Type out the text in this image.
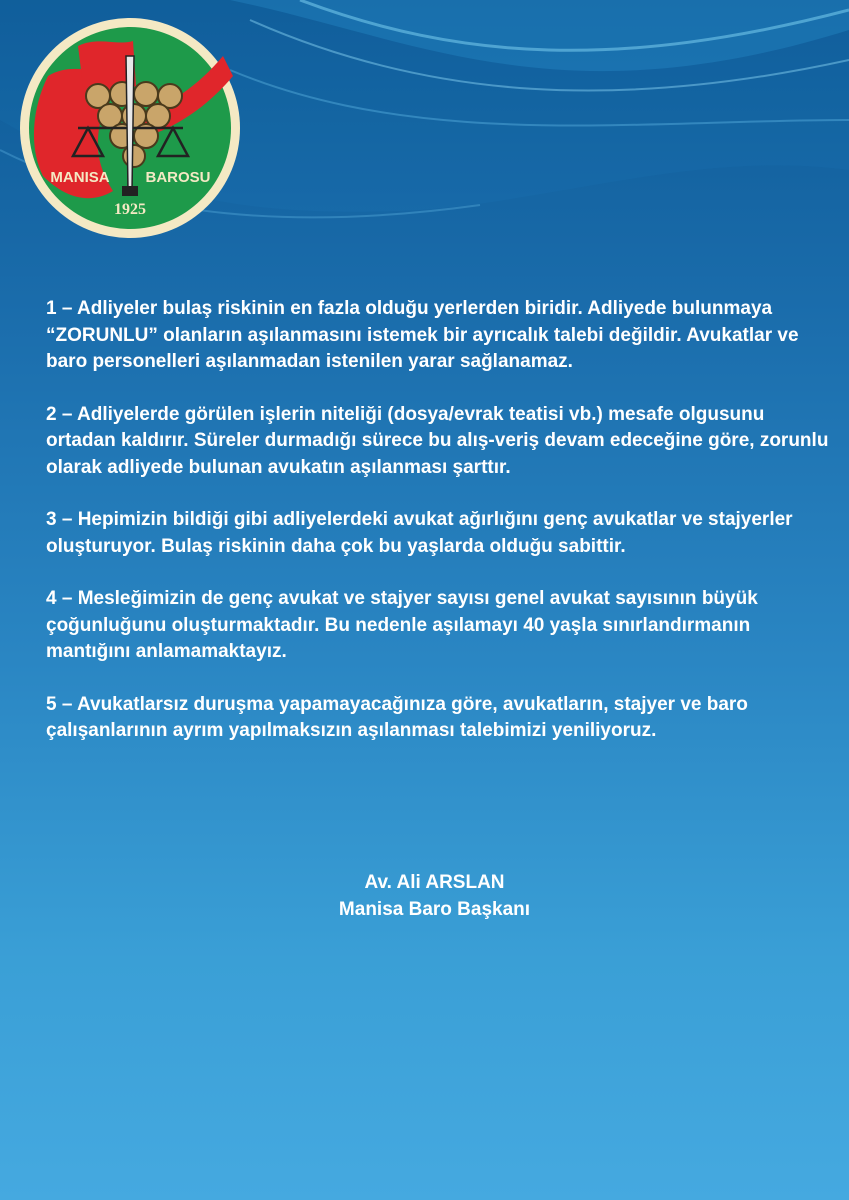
MANISA BAROSU
1925

1 – Adliyeler bulaş riskinin en fazla olduğu yerlerden biridir. Adliyede bulunmaya “ZORUNLU” olanların aşılanmasını istemek bir ayrıcalık talebi değildir. Avukatlar ve baro personelleri aşılanmadan istenilen yarar sağlanamaz.

2 – Adliyelerde görülen işlerin niteliği (dosya/evrak teatisi vb.) mesafe olgusunu ortadan kaldırır. Süreler durmadığı sürece bu alış-veriş devam edeceğine göre, zorunlu olarak adliyede bulunan avukatın aşılanması şarttır.

3 – Hepimizin bildiği gibi adliyelerdeki avukat ağırlığını genç avukatlar ve stajyerler oluşturuyor. Bulaş riskinin daha çok bu yaşlarda olduğu sabittir.

4 – Mesleğimizin de genç avukat ve stajyer sayısı genel avukat sayısının büyük çoğunluğunu oluşturmaktadır. Bu nedenle aşılamayı 40 yaşla sınırlandırmanın mantığını anlamamaktayız.

5 – Avukatlarsız duruşma yapamayacağınıza göre, avukatların, stajyer ve baro çalışanlarının ayrım yapılmaksızın aşılanması talebimizi yeniliyoruz.

Av. Ali ARSLAN
Manisa Baro Başkanı
